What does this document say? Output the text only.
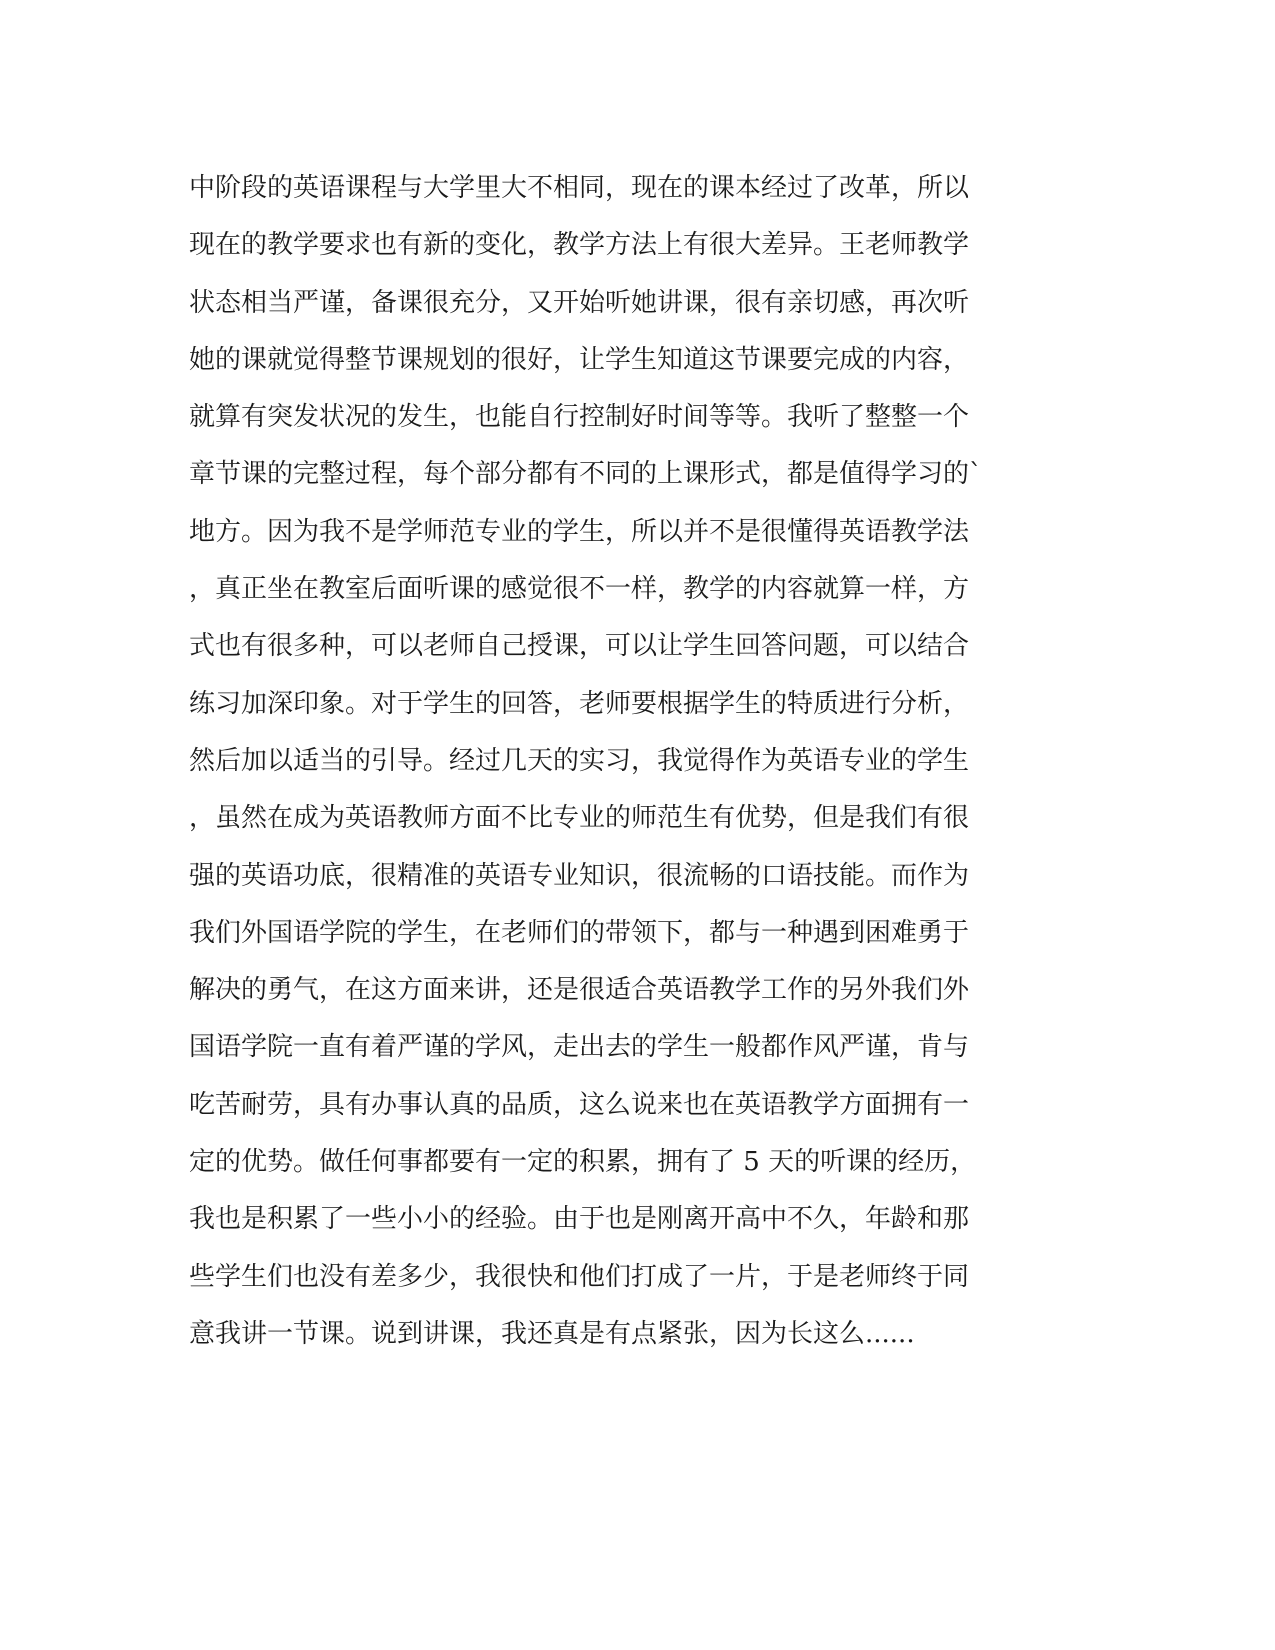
中阶段的英语课程与大学里大不相同，现在的课本经过了改革，所以
现在的教学要求也有新的变化，教学方法上有很大差异。王老师教学
状态相当严谨，备课很充分，又开始听她讲课，很有亲切感，再次听
她的课就觉得整节课规划的很好，让学生知道这节课要完成的内容，
就算有突发状况的发生，也能自行控制好时间等等。我听了整整一个
章节课的完整过程，每个部分都有不同的上课形式，都是值得学习的`
地方。因为我不是学师范专业的学生，所以并不是很懂得英语教学法
，真正坐在教室后面听课的感觉很不一样，教学的内容就算一样，方
式也有很多种，可以老师自己授课，可以让学生回答问题，可以结合
练习加深印象。对于学生的回答，老师要根据学生的特质进行分析，
然后加以适当的引导。经过几天的实习，我觉得作为英语专业的学生
，虽然在成为英语教师方面不比专业的师范生有优势，但是我们有很
强的英语功底，很精准的英语专业知识，很流畅的口语技能。而作为
我们外国语学院的学生，在老师们的带领下，都与一种遇到困难勇于
解决的勇气，在这方面来讲，还是很适合英语教学工作的另外我们外
国语学院一直有着严谨的学风，走出去的学生一般都作风严谨，肯与
吃苦耐劳，具有办事认真的品质，这么说来也在英语教学方面拥有一
定的优势。做任何事都要有一定的积累，拥有了 5 天的听课的经历，
我也是积累了一些小小的经验。由于也是刚离开高中不久，年龄和那
些学生们也没有差多少，我很快和他们打成了一片，于是老师终于同
意我讲一节课。说到讲课，我还真是有点紧张，因为长这么......
